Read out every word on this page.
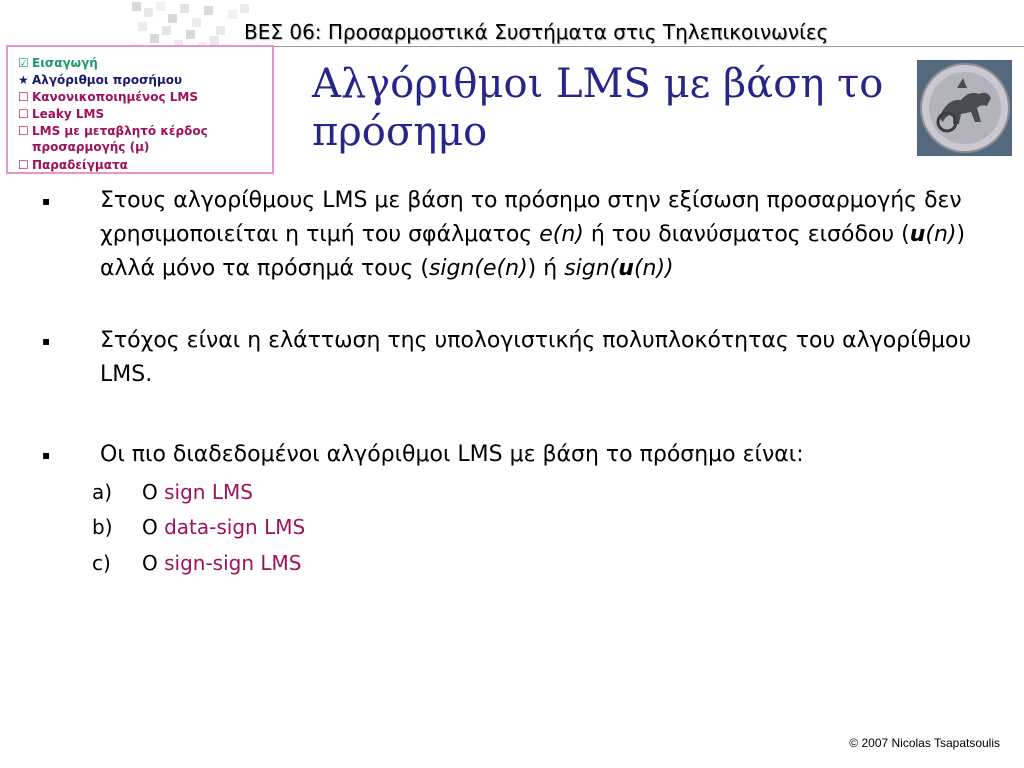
ΒΕΣ 06: Προσαρμοστικά Συστήματα στις Τηλεπικοινωνίες
☑ Εισαγωγή
★ Αλγόριθμοι προσήμου
☐ Κανονικοποιημένος LMS
☐ Leaky LMS
☐ LMS με μεταβλητό κέρδος
προσαρμογής (μ)
☐ Παραδείγματα
Αλγόριθμοι LMS με βάση το
πρόσημο
▪ Στους αλγορίθμους LMS με βάση το πρόσημο στην εξίσωση προσαρμογής δεν χρησιμοποιείται η τιμή του σφάλματος e(n) ή του διανύσματος εισόδου (u(n)) αλλά μόνο τα πρόσημά τους (sign(e(n)) ή sign(u(n))
▪ Στόχος είναι η ελάττωση της υπολογιστικής πολυπλοκότητας του αλγορίθμου LMS.
▪ Οι πιο διαδεδομένοι αλγόριθμοι LMS με βάση το πρόσημο είναι:
a) Ο sign LMS
b) Ο data-sign LMS
c) Ο sign-sign LMS
© 2007 Nicolas Tsapatsoulis
